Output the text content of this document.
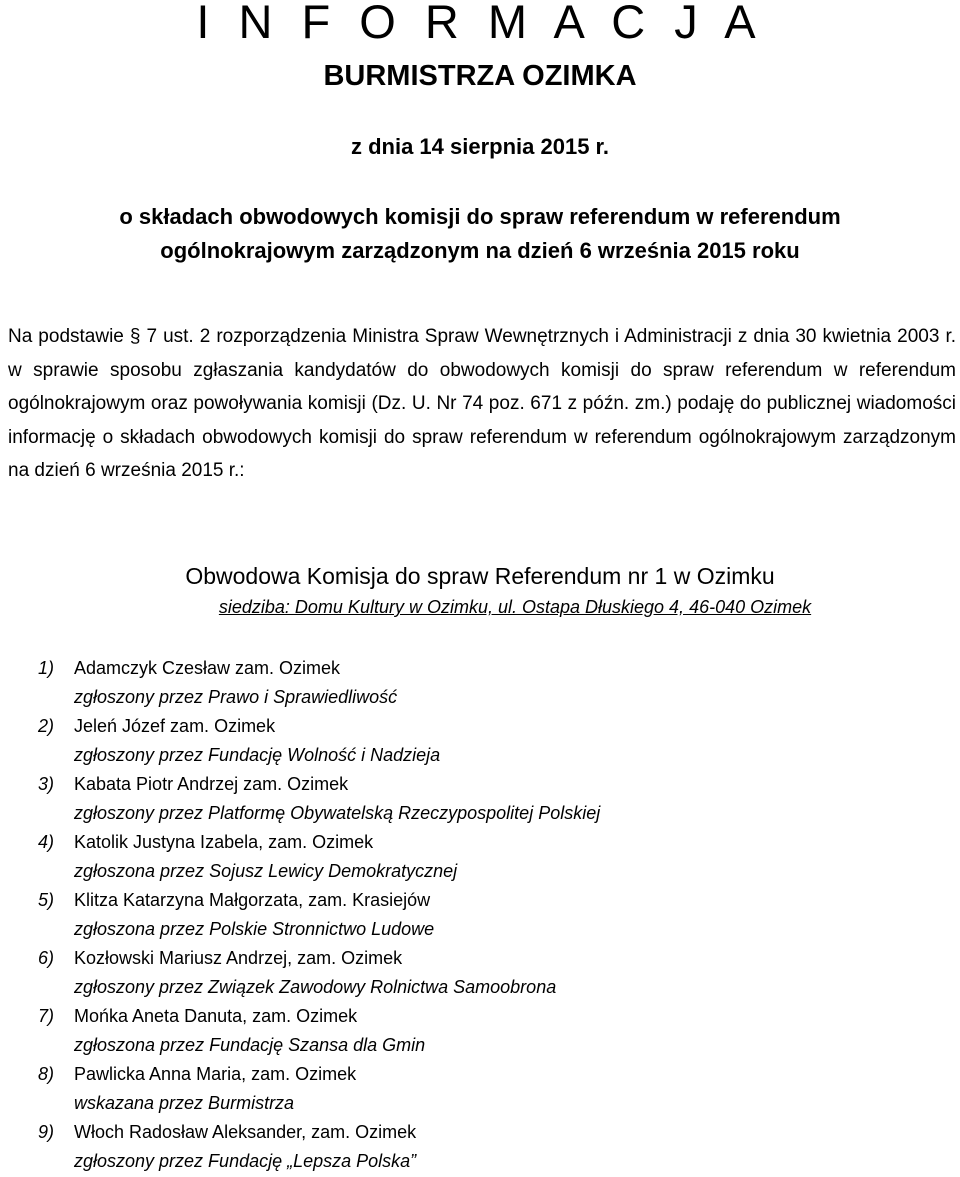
I N F O R M A C J A
BURMISTRZA OZIMKA
z dnia 14 sierpnia 2015 r.
o składach obwodowych komisji do spraw referendum w referendum
ogólnokrajowym zarządzonym na dzień 6 września 2015 roku

Na podstawie § 7 ust. 2 rozporządzenia Ministra Spraw Wewnętrznych i Administracji z dnia 30 kwietnia 2003 r. w sprawie sposobu zgłaszania kandydatów do obwodowych komisji do spraw referendum w referendum ogólnokrajowym oraz powoływania komisji (Dz. U. Nr 74 poz. 671 z późn. zm.) podaję do publicznej wiadomości informację o składach obwodowych komisji do spraw referendum w referendum ogólnokrajowym zarządzonym na dzień 6 września 2015 r.:

Obwodowa Komisja do spraw Referendum nr 1 w Ozimku
siedziba: Domu Kultury w Ozimku, ul. Ostapa Dłuskiego 4, 46-040 Ozimek
1) Adamczyk Czesław zam. Ozimek
zgłoszony przez Prawo i Sprawiedliwość
2) Jeleń Józef zam. Ozimek
zgłoszony przez Fundację Wolność i Nadzieja
3) Kabata Piotr Andrzej zam. Ozimek
zgłoszony przez Platformę Obywatelską Rzeczypospolitej Polskiej
4) Katolik Justyna Izabela, zam. Ozimek
zgłoszona przez Sojusz Lewicy Demokratycznej
5) Klitza Katarzyna Małgorzata, zam. Krasiejów
zgłoszona przez Polskie Stronnictwo Ludowe
6) Kozłowski Mariusz Andrzej, zam. Ozimek
zgłoszony przez Związek Zawodowy Rolnictwa Samoobrona
7) Mońka Aneta Danuta, zam. Ozimek
zgłoszona przez Fundację Szansa dla Gmin
8) Pawlicka Anna Maria, zam. Ozimek
wskazana przez Burmistrza
9) Włoch Radosław Aleksander, zam. Ozimek
zgłoszony przez Fundację „Lepsza Polska”
